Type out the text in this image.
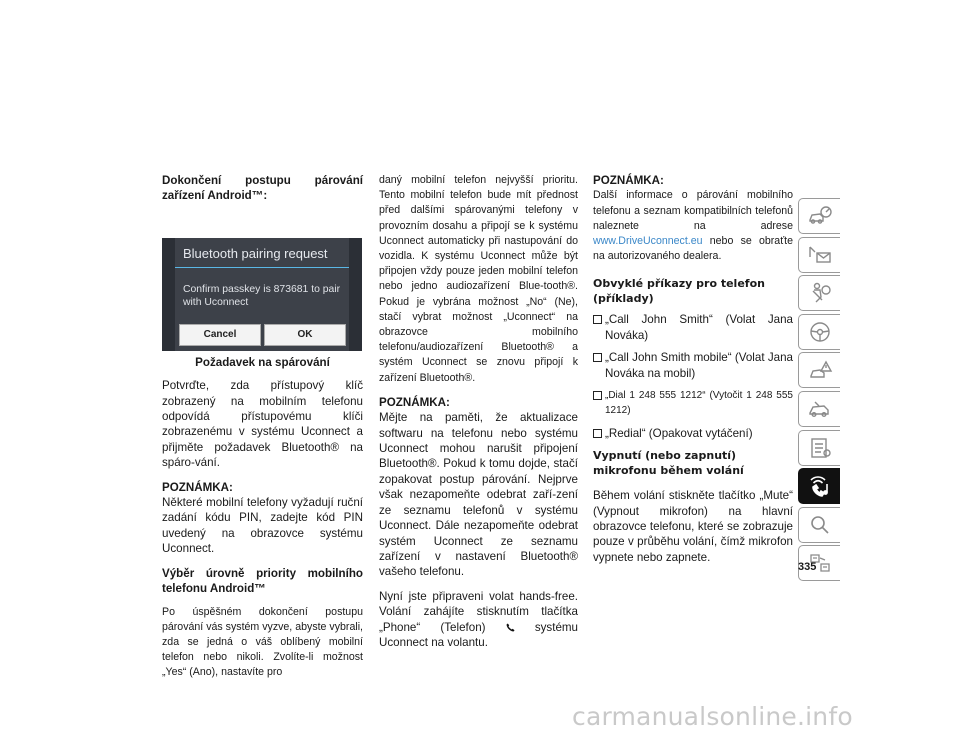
Dokončení postupu párování zařízení Android™:
Bluetooth pairing request
Confirm passkey is 873681 to pair with Uconnect
Cancel	OK
Požadavek na spárování

Potvrďte, zda přístupový klíč zobrazený na mobilním telefonu odpovídá přístupovému klíči zobrazenému v systému Uconnect a přijměte požadavek Bluetooth® na spáro-vání.

POZNÁMKA:

Některé mobilní telefony vyžadují ruční zadání kódu PIN, zadejte kód PIN uvedený na obrazovce systému Uconnect.

Výběr úrovně priority mobilního telefonu Android™

Po úspěšném dokončení postupu párování vás systém vyzve, abyste vybrali, zda se jedná o váš oblíbený mobilní telefon nebo nikoli. Zvolíte-li možnost „Yes“ (Ano), nastavíte pro

daný mobilní telefon nejvyšší prioritu. Tento mobilní telefon bude mít přednost před dalšími spárovanými telefony v provozním dosahu a připojí se k systému Uconnect automaticky při nastupování do vozidla. K systému Uconnect může být připojen vždy pouze jeden mobilní telefon nebo jedno audiozařízení Blue-tooth®. Pokud je vybrána možnost „No“ (Ne), stačí vybrat možnost „Uconnect“ na obrazovce mobilního telefonu/audiozařízení Bluetooth® a systém Uconnect se znovu připojí k zařízení Bluetooth®.

POZNÁMKA:

Mějte na paměti, že aktualizace softwaru na telefonu nebo systému Uconnect mohou narušit připojení Bluetooth®. Pokud k tomu dojde, stačí zopakovat postup párování. Nejprve však nezapomeňte odebrat zaří-zení ze seznamu telefonů v systému Uconnect. Dále nezapomeňte odebrat systém Uconnect ze seznamu zařízení v nastavení Bluetooth® vašeho telefonu.

Nyní jste připraveni volat hands-free. Volání zahájíte stisknutím tlačítka „Phone“ (Telefon)	systému Uconnect na volantu.

POZNÁMKA:

Další informace o párování mobilního telefonu a seznam kompatibilních telefonů naleznete na adrese www.DriveUconnect.eu nebo se obraťte na autorizovaného dealera.

Obvyklé příkazy pro telefon (příklady)
„Call John Smith“ (Volat Jana Nováka)
„Call John Smith mobile“ (Volat Jana Nováka na mobil)
„Dial 1 248 555 1212“ (Vytočit 1 248 555 1212)
„Redial“ (Opakovat vytáčení)
Vypnutí (nebo zapnutí) mikrofonu během volání

Během volání stiskněte tlačítko „Mute“ (Vypnout mikrofon) na hlavní obrazovce telefonu, které se zobrazuje pouze v průběhu volání, čímž mikrofon vypnete nebo zapnete.

335
carmanualsonline.info
